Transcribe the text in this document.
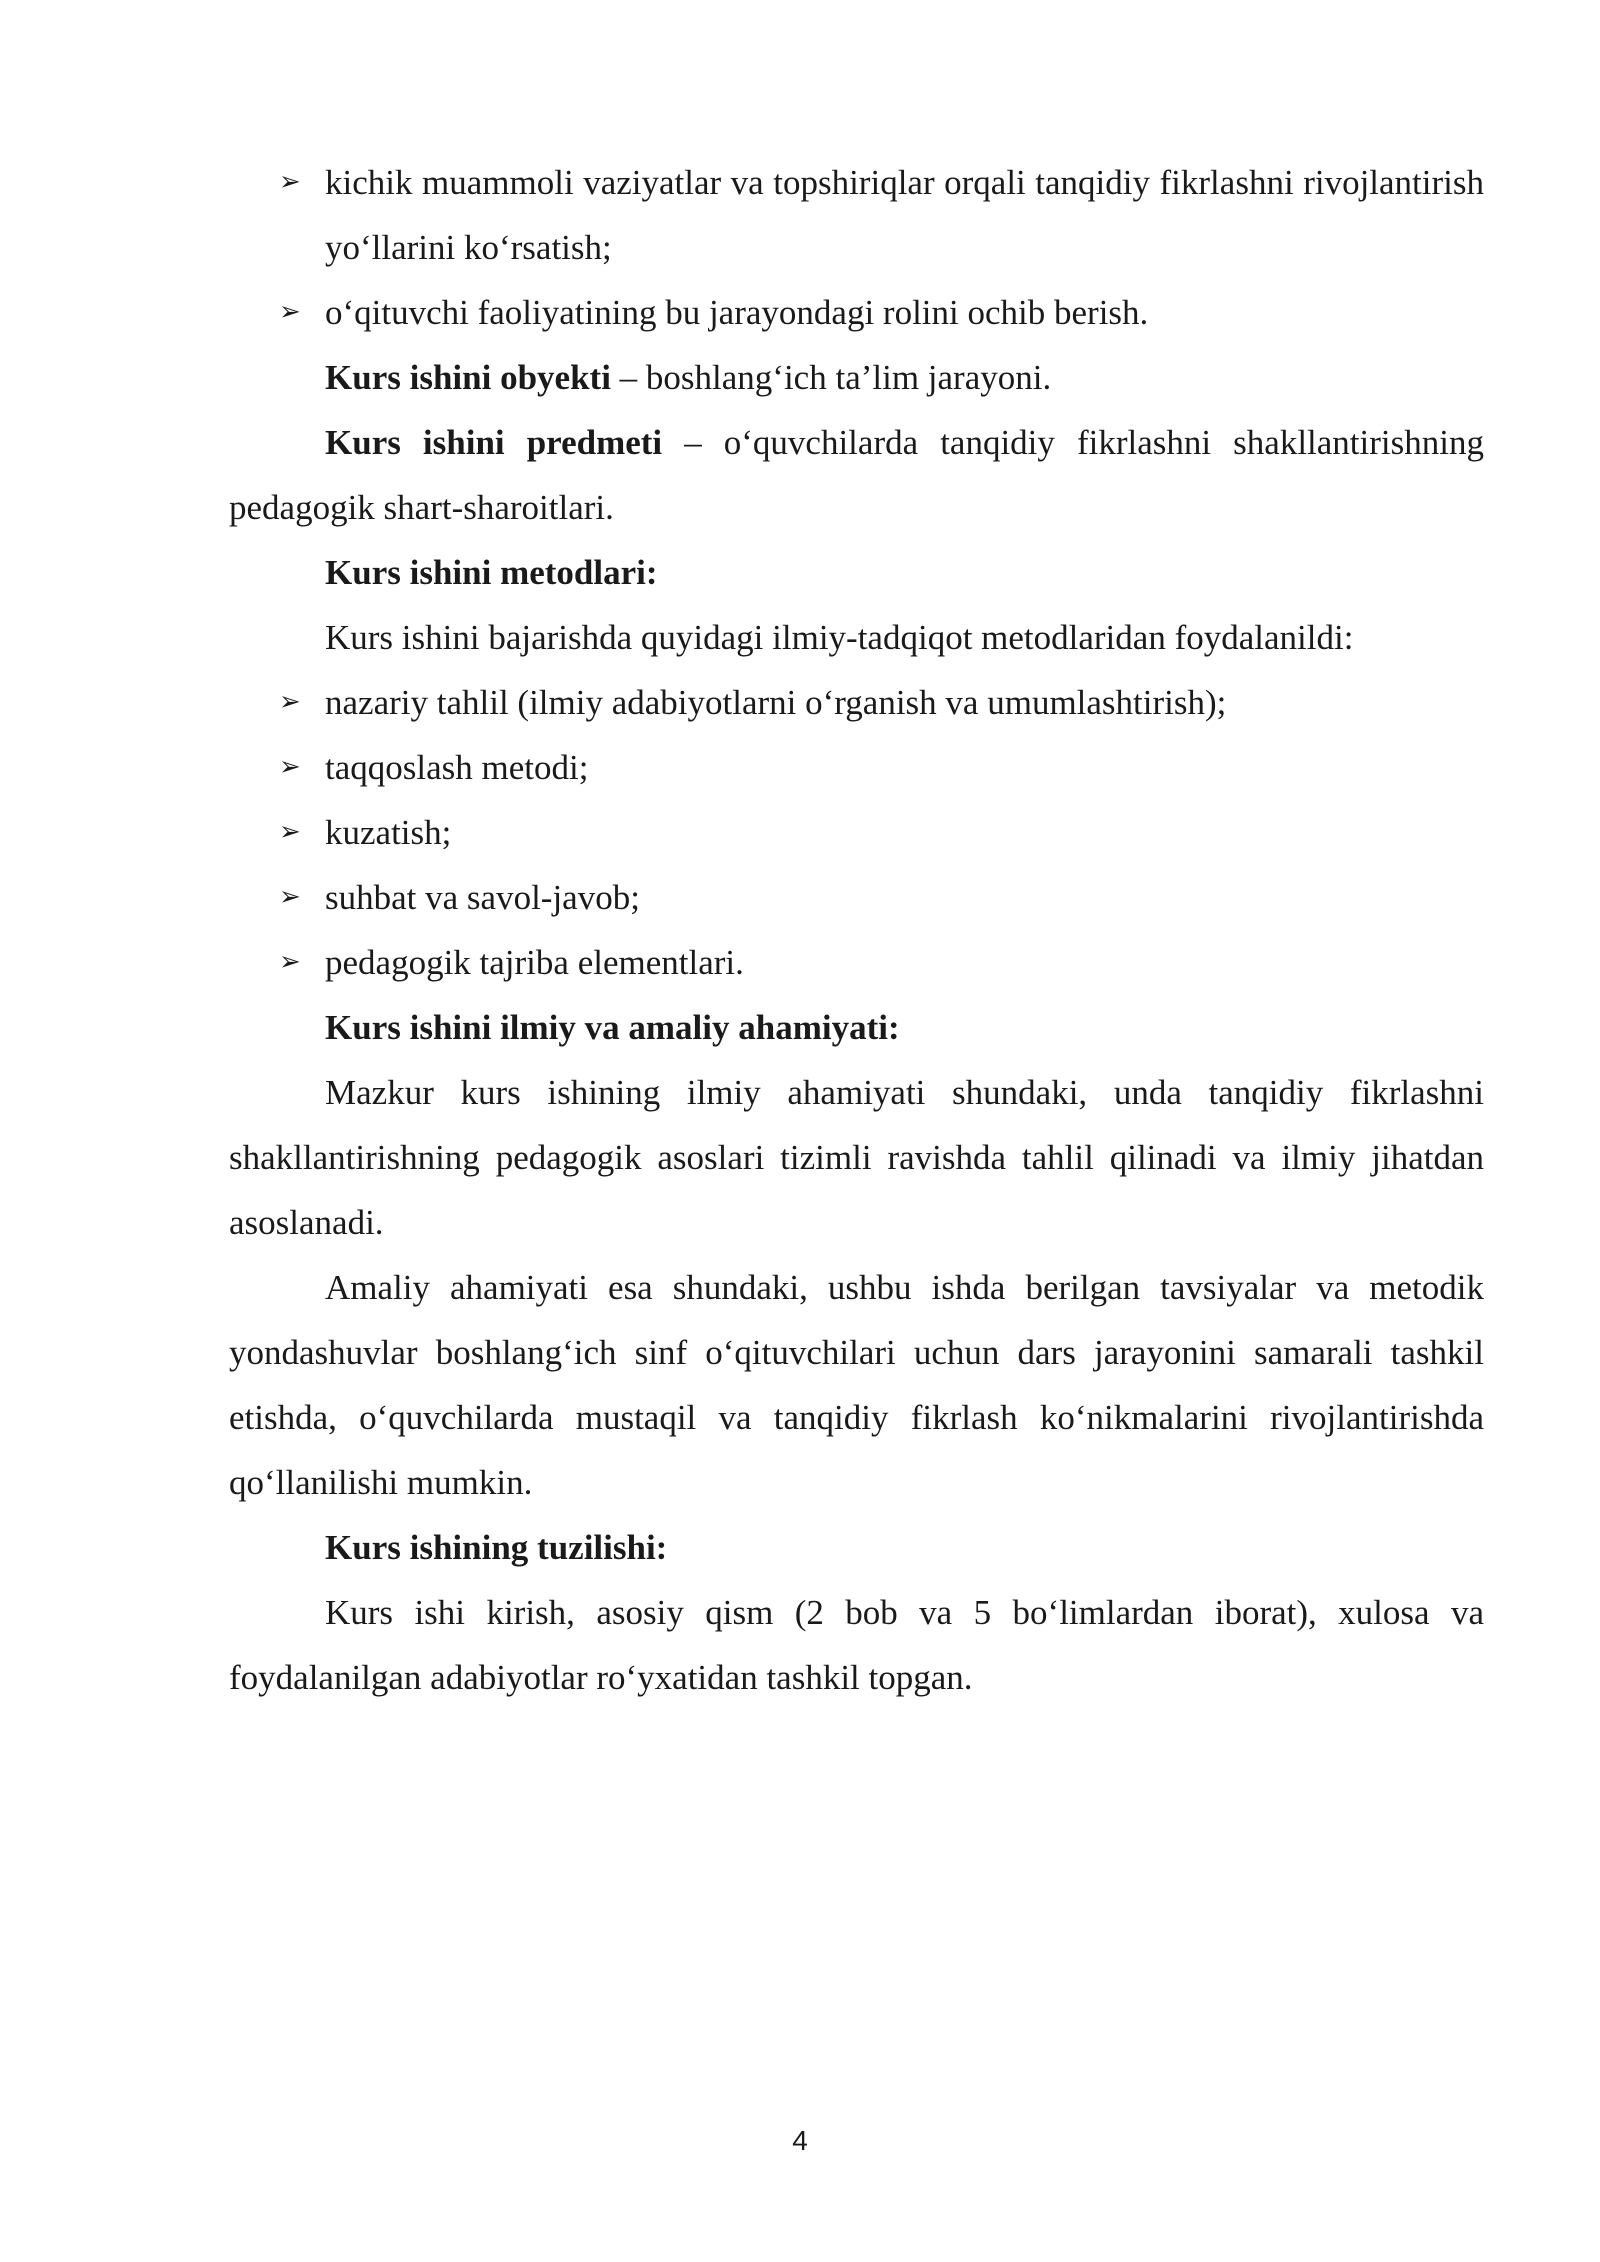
➢ kichik muammoli vaziyatlar va topshiriqlar orqali tanqidiy fikrlashni rivojlantirish yo‘llarini ko‘rsatish;

➢ o‘qituvchi faoliyatining bu jarayondagi rolini ochib berish.

Kurs ishini obyekti – boshlang‘ich ta’lim jarayoni.

Kurs ishini predmeti – o‘quvchilarda tanqidiy fikrlashni shakllantirishning pedagogik shart-sharoitlari.

Kurs ishini metodlari:

Kurs ishini bajarishda quyidagi ilmiy-tadqiqot metodlaridan foydalanildi:

➢ nazariy tahlil (ilmiy adabiyotlarni o‘rganish va umumlashtirish);

➢ taqqoslash metodi;

➢ kuzatish;

➢ suhbat va savol-javob;

➢ pedagogik tajriba elementlari.

Kurs ishini ilmiy va amaliy ahamiyati:

Mazkur kurs ishining ilmiy ahamiyati shundaki, unda tanqidiy fikrlashni shakllantirishning pedagogik asoslari tizimli ravishda tahlil qilinadi va ilmiy jihatdan asoslanadi.

Amaliy ahamiyati esa shundaki, ushbu ishda berilgan tavsiyalar va metodik yondashuvlar boshlang‘ich sinf o‘qituvchilari uchun dars jarayonini samarali tashkil etishda, o‘quvchilarda mustaqil va tanqidiy fikrlash ko‘nikmalarini rivojlantirishda qo‘llanilishi mumkin.

Kurs ishining tuzilishi:

Kurs ishi kirish, asosiy qism (2 bob va 5 bo‘limlardan iborat), xulosa va foydalanilgan adabiyotlar ro‘yxatidan tashkil topgan.

4
